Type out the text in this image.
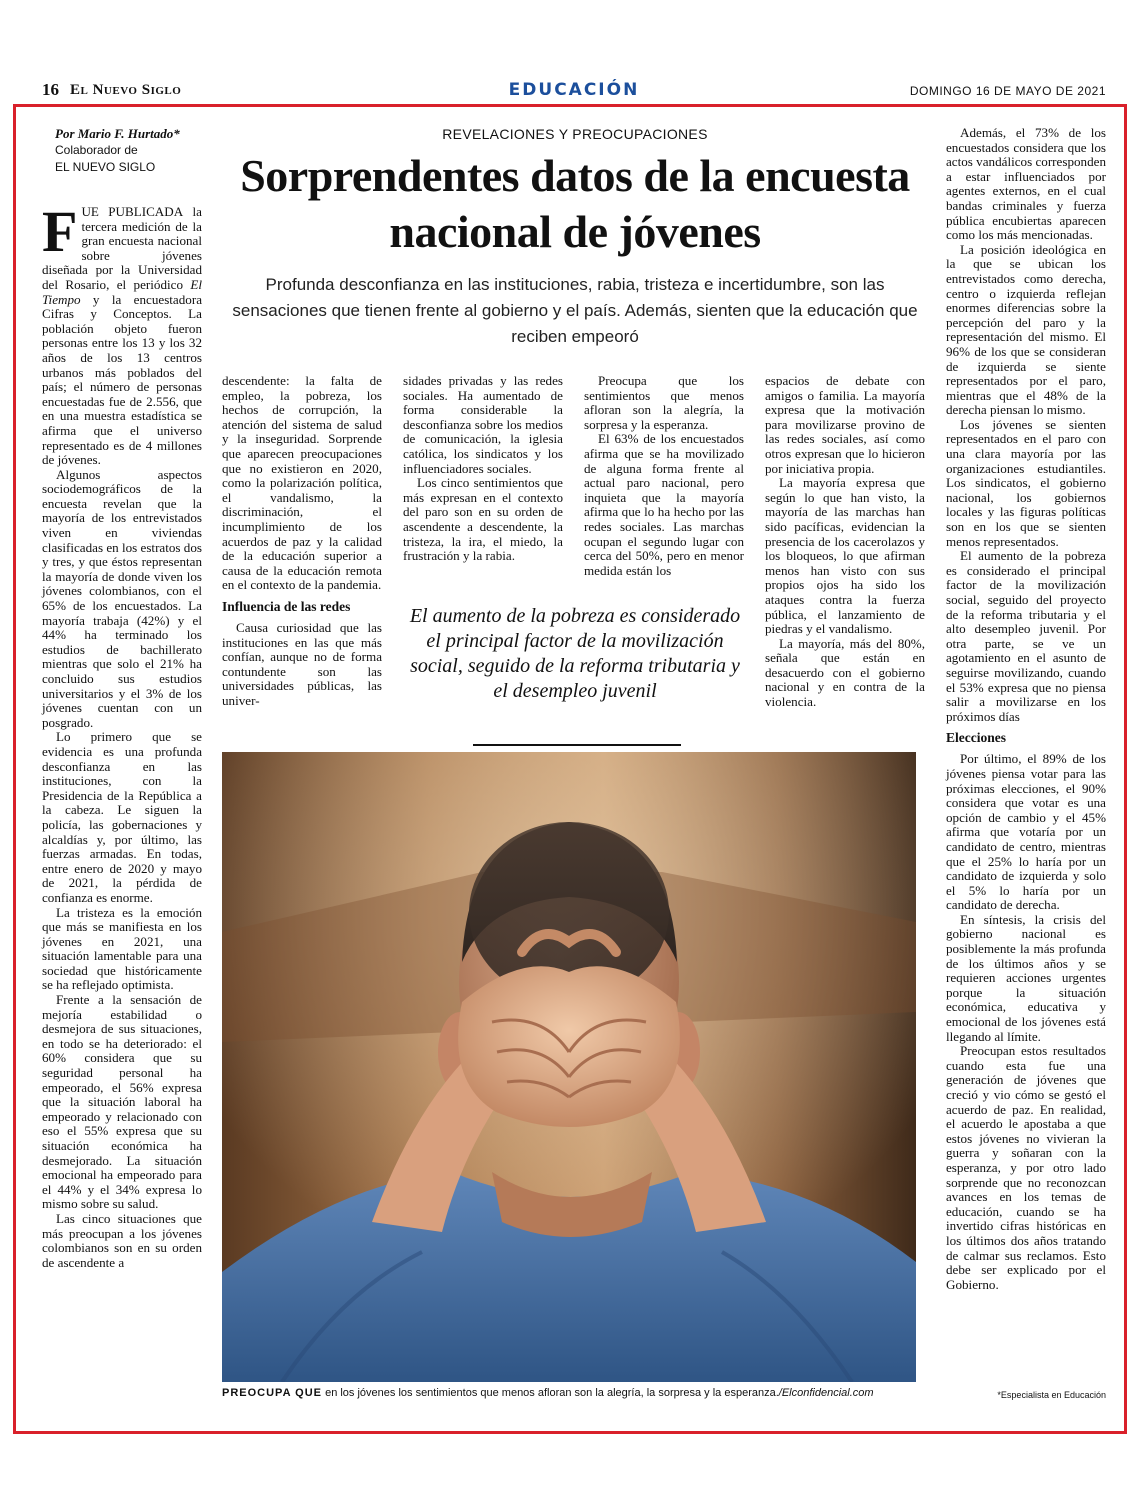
16 El Nuevo Siglo	EDUCACIÓN	DOMINGO 16 DE MAYO DE 2021
Por Mario F. Hurtado*
Colaborador de
EL NUEVO SIGLO
REVELACIONES Y PREOCUPACIONES
Sorprendentes datos de la encuesta nacional de jóvenes
Profunda desconfianza en las instituciones, rabia, tristeza e incertidumbre, son las sensaciones que tienen frente al gobierno y el país. Además, sienten que la educación que reciben empeoró

FUE PUBLICADA la tercera medición de la gran encuesta nacional sobre jóvenes diseñada por la Universidad del Rosario, el periódico El Tiempo y la encuestadora Cifras y Conceptos. La población objeto fueron personas entre los 13 y los 32 años de los 13 centros urbanos más poblados del país; el número de personas encuestadas fue de 2.556, que en una muestra estadística se afirma que el universo representado es de 4 millones de jóvenes.

Algunos aspectos sociodemográficos de la encuesta revelan que la mayoría de los entrevistados viven en viviendas clasificadas en los estratos dos y tres, y que éstos representan la mayoría de donde viven los jóvenes colombianos, con el 65% de los encuestados. La mayoría trabaja (42%) y el 44% ha terminado los estudios de bachillerato mientras que solo el 21% ha concluido sus estudios universitarios y el 3% de los jóvenes cuentan con un posgrado.

Lo primero que se evidencia es una profunda desconfianza en las instituciones, con la Presidencia de la República a la cabeza. Le siguen la policía, las gobernaciones y alcaldías y, por último, las fuerzas armadas. En todas, entre enero de 2020 y mayo de 2021, la pérdida de confianza es enorme.

La tristeza es la emoción que más se manifiesta en los jóvenes en 2021, una situación lamentable para una sociedad que históricamente se ha reflejado optimista.

Frente a la sensación de mejoría estabilidad o desmejora de sus situaciones, en todo se ha deteriorado: el 60% considera que su seguridad personal ha empeorado, el 56% expresa que la situación laboral ha empeorado y relacionado con eso el 55% expresa que su situación económica ha desmejorado. La situación emocional ha empeorado para el 44% y el 34% expresa lo mismo sobre su salud.

Las cinco situaciones que más preocupan a los jóvenes colombianos son en su orden de ascendente a

descendente: la falta de empleo, la pobreza, los hechos de corrupción, la atención del sistema de salud y la inseguridad. Sorprende que aparecen preocupaciones que no existieron en 2020, como la polarización política, el vandalismo, la discriminación, el incumplimiento de los acuerdos de paz y la calidad de la educación superior a causa de la educación remota en el contexto de la pandemia.

Influencia de las redes

Causa curiosidad que las instituciones en las que más confían, aunque no de forma contundente son las universidades públicas, las univer-

sidades privadas y las redes sociales. Ha aumentado de forma considerable la desconfianza sobre los medios de comunicación, la iglesia católica, los sindicatos y los influenciadores sociales.

Los cinco sentimientos que más expresan en el contexto del paro son en su orden de ascendente a descendente, la tristeza, la ira, el miedo, la frustración y la rabia.

Preocupa que los sentimientos que menos afloran son la alegría, la sorpresa y la esperanza.

El 63% de los encuestados afirma que se ha movilizado de alguna forma frente al actual paro nacional, pero inquieta que la mayoría afirma que lo ha hecho por las redes sociales. Las marchas ocupan el segundo lugar con cerca del 50%, pero en menor medida están los

El aumento de la pobreza es considerado el principal factor de la movilización social, seguido de la reforma tributaria y el desempleo juvenil

espacios de debate con amigos o familia. La mayoría expresa que la motivación para movilizarse provino de las redes sociales, así como otros expresan que lo hicieron por iniciativa propia.

La mayoría expresa que según lo que han visto, la mayoría de las marchas han sido pacíficas, evidencian la presencia de los cacerolazos y los bloqueos, lo que afirman menos han visto con sus propios ojos ha sido los ataques contra la fuerza pública, el lanzamiento de piedras y el vandalismo.

La mayoría, más del 80%, señala que están en desacuerdo con el gobierno nacional y en contra de la violencia.

Además, el 73% de los encuestados considera que los actos vandálicos corresponden a estar influenciados por agentes externos, en el cual bandas criminales y fuerza pública encubiertas aparecen como los más mencionadas.

La posición ideológica en la que se ubican los entrevistados como derecha, centro o izquierda reflejan enormes diferencias sobre la percepción del paro y la representación del mismo. El 96% de los que se consideran de izquierda se siente representados por el paro, mientras que el 48% de la derecha piensan lo mismo.

Los jóvenes se sienten representados en el paro con una clara mayoría por las organizaciones estudiantiles. Los sindicatos, el gobierno nacional, los gobiernos locales y las figuras políticas son en los que se sienten menos representados.

El aumento de la pobreza es considerado el principal factor de la movilización social, seguido del proyecto de la reforma tributaria y el alto desempleo juvenil. Por otra parte, se ve un agotamiento en el asunto de seguirse movilizando, cuando el 53% expresa que no piensa salir a movilizarse en los próximos días

Elecciones

Por último, el 89% de los jóvenes piensa votar para las próximas elecciones, el 90% considera que votar es una opción de cambio y el 45% afirma que votaría por un candidato de centro, mientras que el 25% lo haría por un candidato de izquierda y solo el 5% lo haría por un candidato de derecha.

En síntesis, la crisis del gobierno nacional es posiblemente la más profunda de los últimos años y se requieren acciones urgentes porque la situación económica, educativa y emocional de los jóvenes está llegando al límite.

Preocupan estos resultados cuando esta fue una generación de jóvenes que creció y vio cómo se gestó el acuerdo de paz. En realidad, el acuerdo le apostaba a que estos jóvenes no vivieran la guerra y soñaran con la esperanza, y por otro lado sorprende que no reconozcan avances en los temas de educación, cuando se ha invertido cifras históricas en los últimos dos años tratando de calmar sus reclamos. Esto debe ser explicado por el Gobierno.

PREOCUPA QUE en los jóvenes los sentimientos que menos afloran son la alegría, la sorpresa y la esperanza./Elconfidencial.com	*Especialista en Educación
